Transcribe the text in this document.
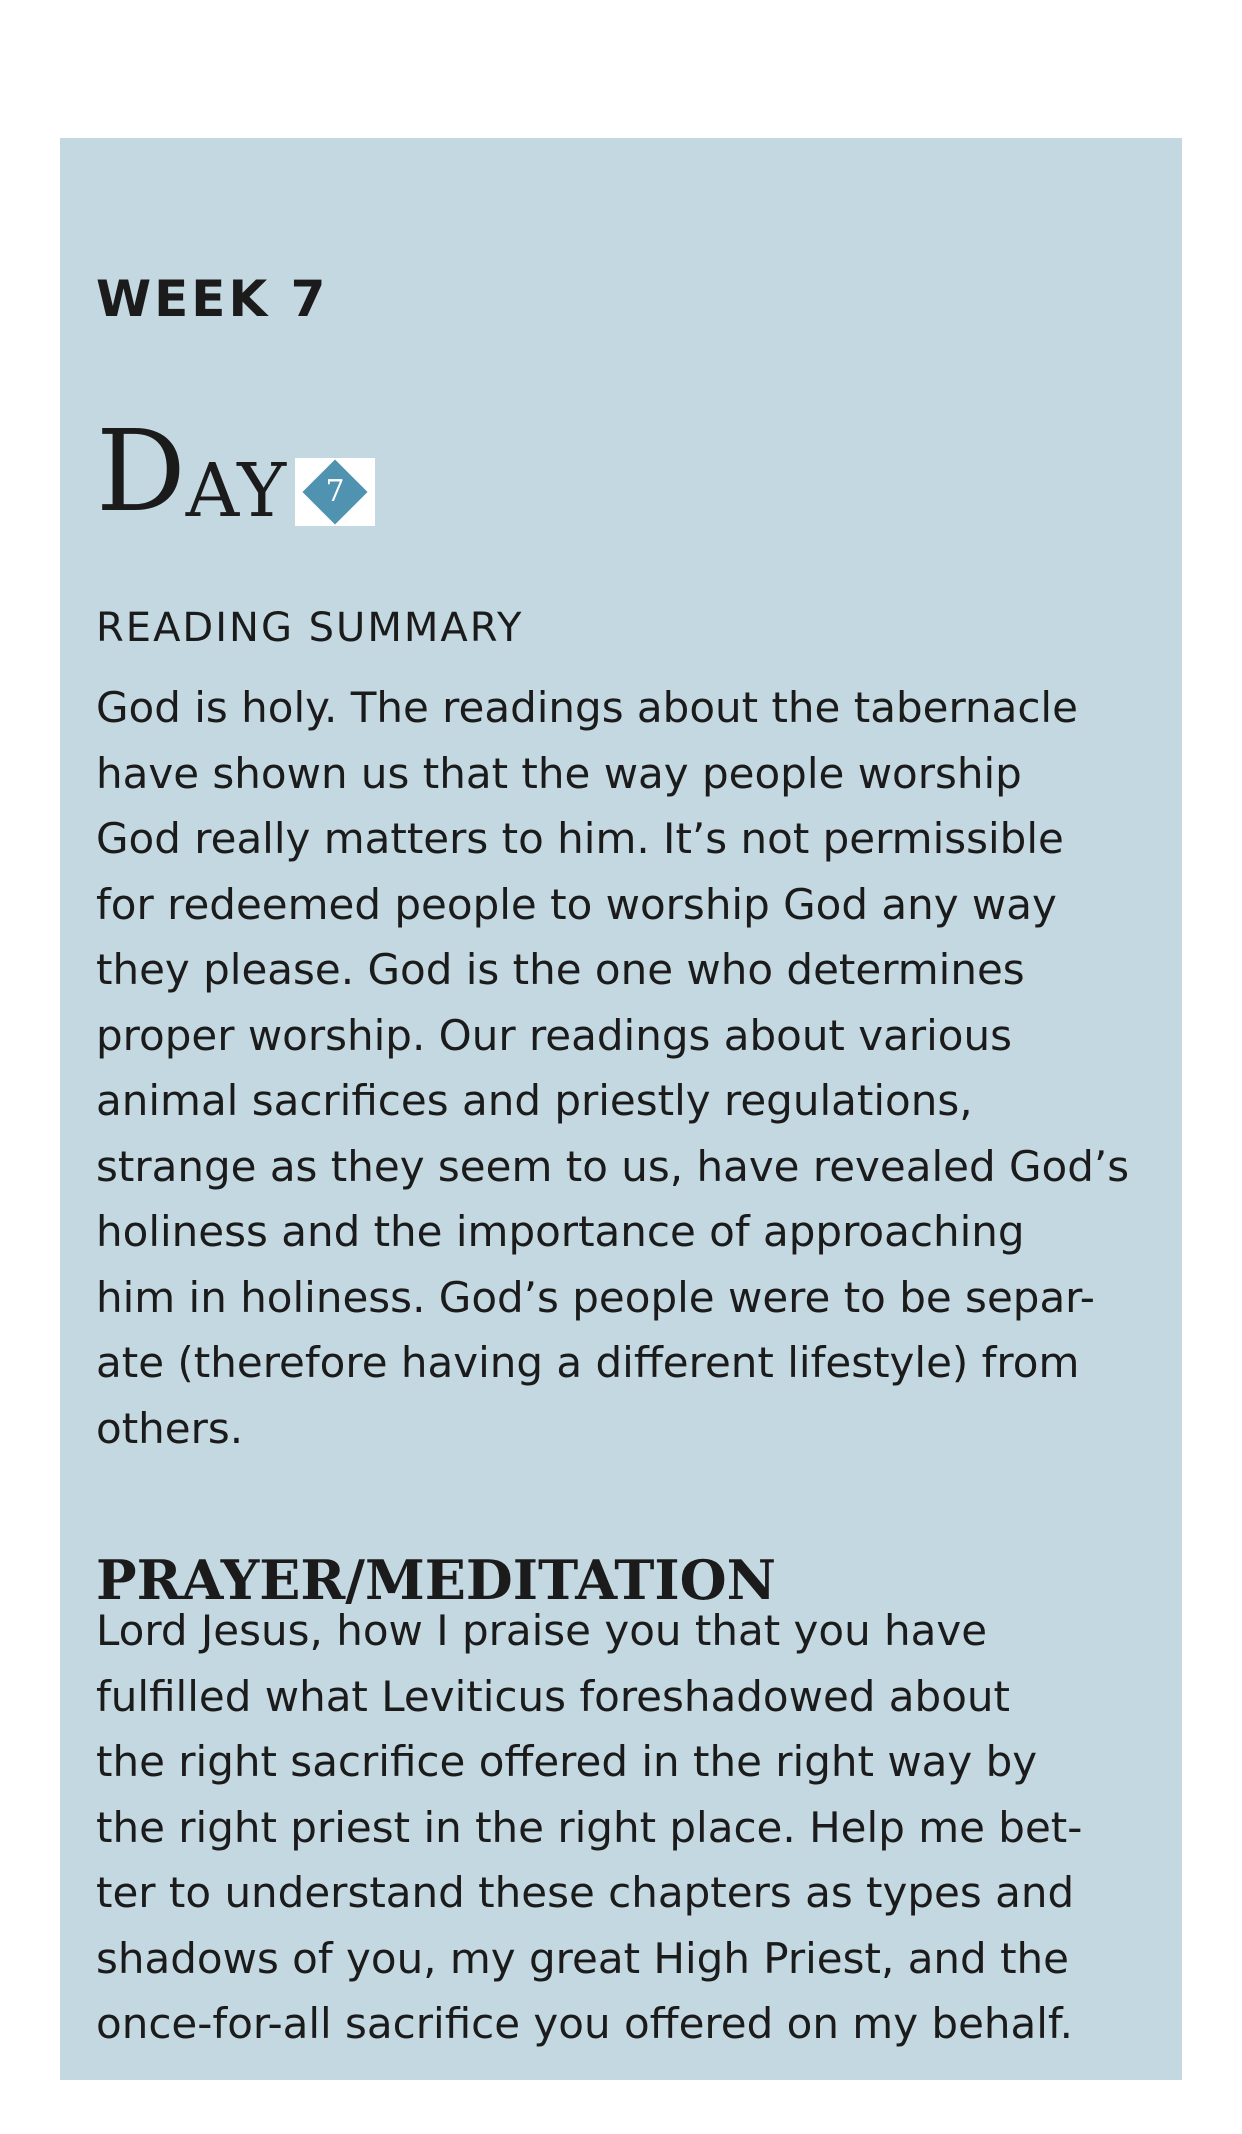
WEEK 7
D AY	7
READING SUMMARY

God is holy. The readings about the tabernacle
have shown us that the way people worship
God really matters to him. It’s not permissible
for redeemed people to worship God any way
they please. God is the one who determines
proper worship. Our readings about various
animal sacrifices and priestly regulations,
strange as they seem to us, have revealed God’s
holiness and the importance of approaching
him in holiness. God’s people were to be separ-
ate (therefore having a different lifestyle) from
others.

PRAYER/MEDITATION

Lord Jesus, how I praise you that you have
fulfilled what Leviticus foreshadowed about
the right sacrifice offered in the right way by
the right priest in the right place. Help me bet-
ter to understand these chapters as types and
shadows of you, my great High Priest, and the
once-for-all sacrifice you offered on my behalf.
